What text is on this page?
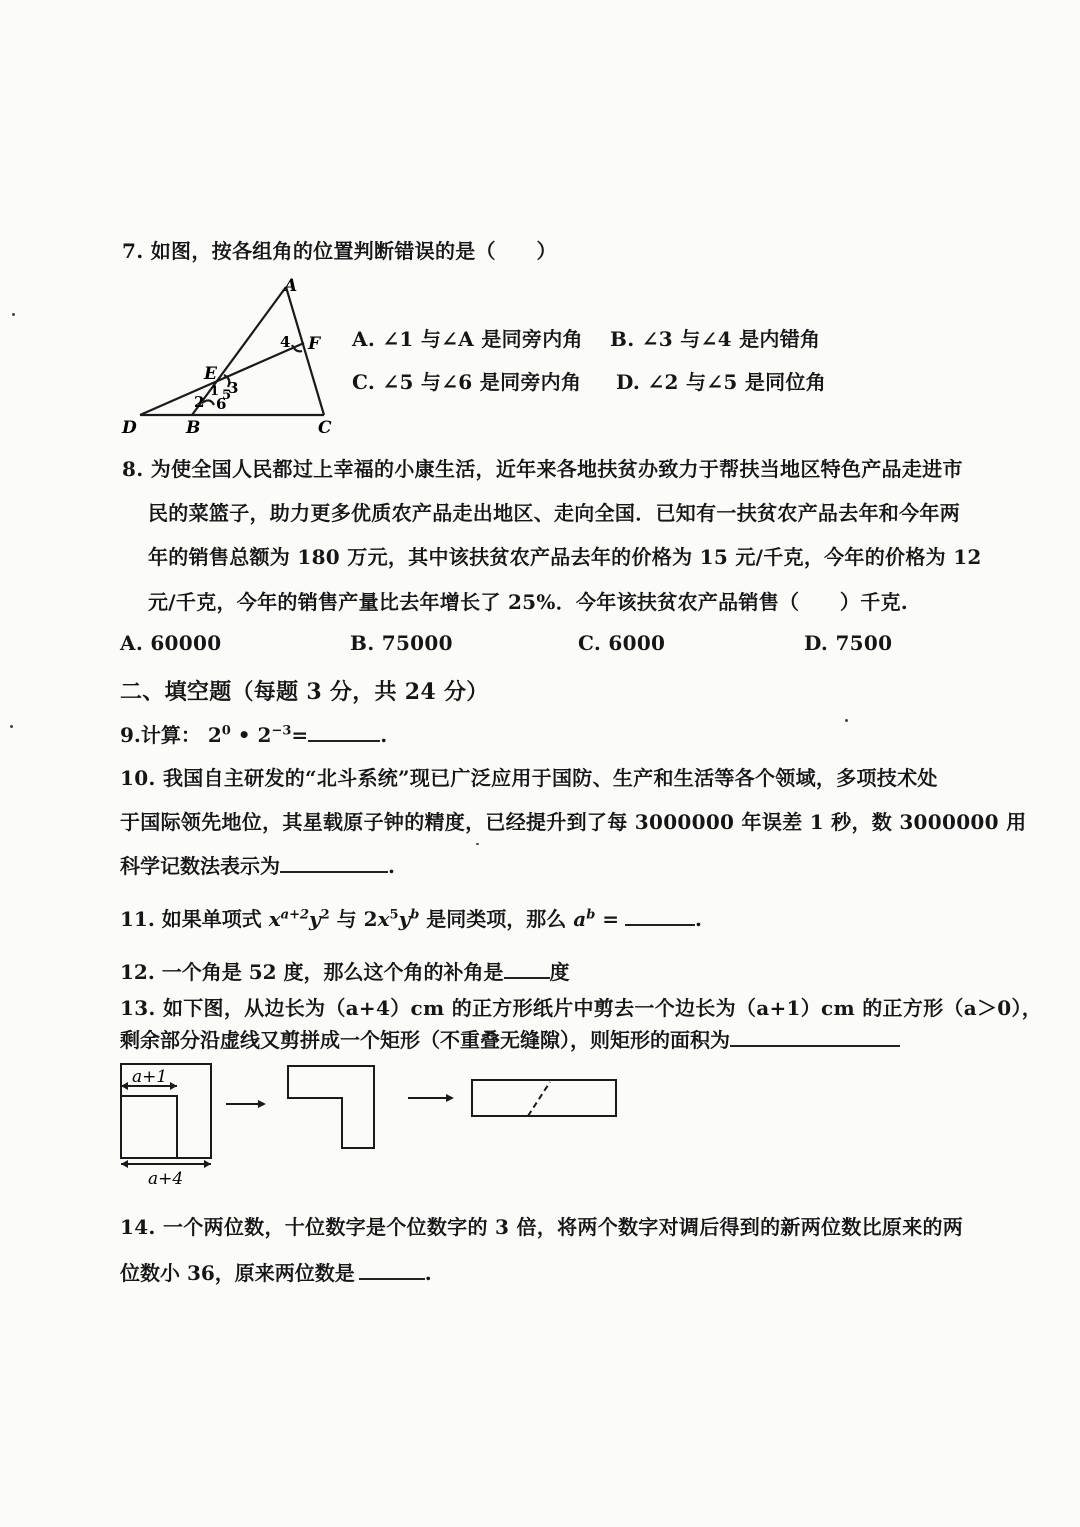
7. 如图，按各组角的位置判断错误的是（　　）
A
F
E
D	B	C
4
3
2 6
1 5
A. ∠1 与∠A 是同旁内角 B. ∠3 与∠4 是内错角
C. ∠5 与∠6 是同旁内角 D. ∠2 与∠5 是同位角
8. 为使全国人民都过上幸福的小康生活，近年来各地扶贫办致力于帮扶当地区特色产品走进市
民的菜篮子，助力更多优质农产品走出地区、走向全国．已知有一扶贫农产品去年和今年两
年的销售总额为 180 万元，其中该扶贫农产品去年的价格为 15 元/千克，今年的价格为 12
元/千克，今年的销售产量比去年增长了 25%．今年该扶贫农产品销售（　　）千克.
A. 60000	B. 75000	C. 6000	D. 7500
二、填空题（每题 3 分，共 24 分）
9.计算： $2^0$ • $2^{-3}=$	.
10. 我国自主研发的“北斗系统”现已广泛应用于国防、生产和生活等各个领域，多项技术处
于国际领先地位，其星载原子钟的精度，已经提升到了每 3000000 年误差 1 秒，数 3000000 用
科学记数法表示为	.
11. 如果单项式 $x^{a+2}y^2$ 与 $2x^5y^b$ 是同类项，那么 $a^b$ =	.
12. 一个角是 52 度，那么这个角的补角是 度
13. 如下图，从边长为（a+4）cm 的正方形纸片中剪去一个边长为（a+1）cm 的正方形（a＞0），
剩余部分沿虚线又剪拼成一个矩形（不重叠无缝隙），则矩形的面积为
a+1
a+4
14. 一个两位数，十位数字是个位数字的 3 倍，将两个数字对调后得到的新两位数比原来的两
位数小 36，原来两位数是	.
